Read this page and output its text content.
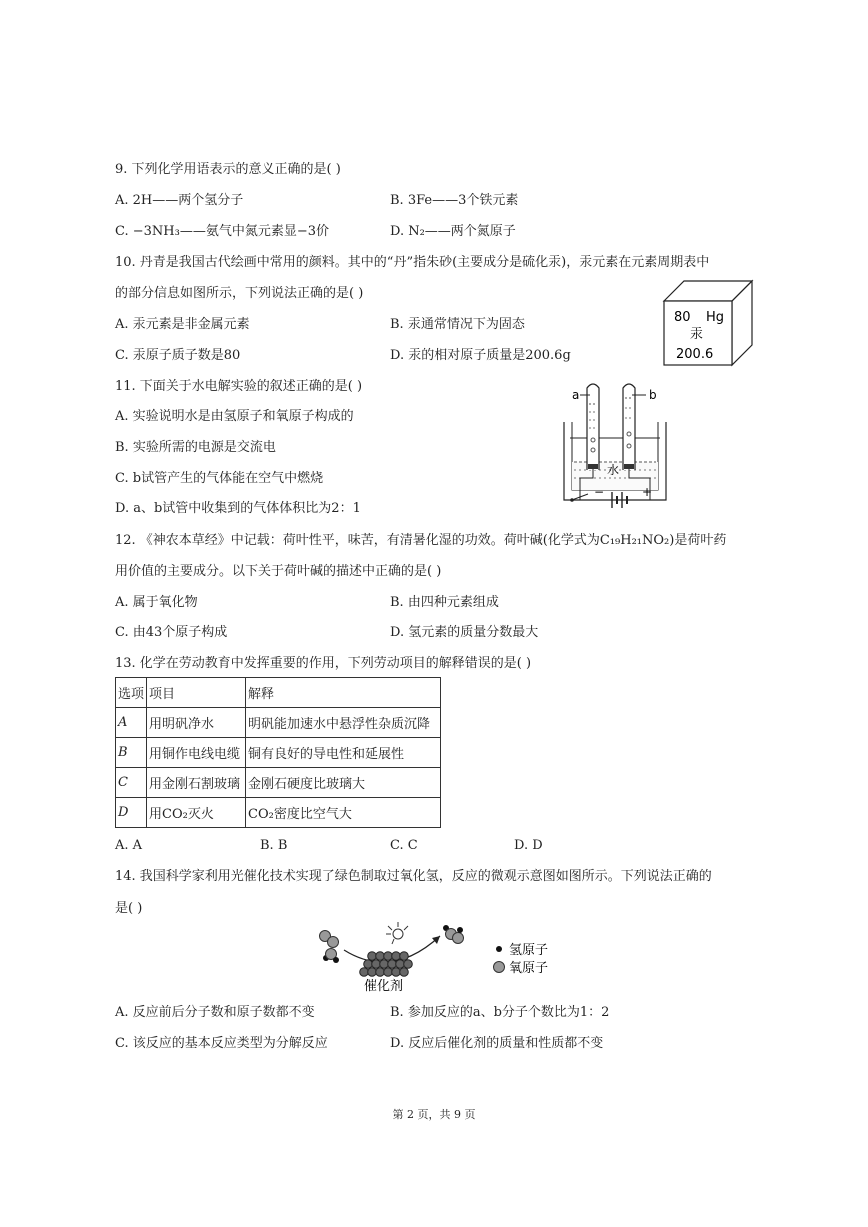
9. 下列化学用语表示的意义正确的是( )
A. 2H——两个氢分子	B. 3Fe——3个铁元素
C. −3NH₃——氨气中氮元素显−3价	D. N₂——两个氮原子
10. 丹青是我国古代绘画中常用的颜料。其中的“丹”指朱砂(主要成分是硫化汞)，汞元素在元素周期表中
的部分信息如图所示，下列说法正确的是( )
A. 汞元素是非金属元素	B. 汞通常情况下为固态
C. 汞原子质子数是80	D. 汞的相对原子质量是200.6g
80 Hg
汞
200.6
11. 下面关于水电解实验的叙述正确的是( )
A. 实验说明水是由氢原子和氧原子构成的
B. 实验所需的电源是交流电
C. b试管产生的气体能在空气中燃烧
D. a、b试管中收集到的气体体积比为2：1
a	b
水
−	+
12. 《神农本草经》中记载：荷叶性平，味苦，有清暑化湿的功效。荷叶碱(化学式为C₁₉H₂₁NO₂)是荷叶药
用价值的主要成分。以下关于荷叶碱的描述中正确的是( )
A. 属于氧化物	B. 由四种元素组成
C. 由43个原子构成	D. 氢元素的质量分数最大
13. 化学在劳动教育中发挥重要的作用，下列劳动项目的解释错误的是( )
选项	项目	解释
A	用明矾净水	明矾能加速水中悬浮性杂质沉降
B	用铜作电线电缆	铜有良好的导电性和延展性
C	用金刚石割玻璃	金刚石硬度比玻璃大
D	用CO₂灭火	CO₂密度比空气大
A. A	B. B	C. C	D. D
14. 我国科学家利用光催化技术实现了绿色制取过氧化氢，反应的微观示意图如图所示。下列说法正确的
是( )
催化剂
氢原子
氧原子
A. 反应前后分子数和原子数都不变	B. 参加反应的a、b分子个数比为1：2
C. 该反应的基本反应类型为分解反应	D. 反应后催化剂的质量和性质都不变
第 2 页，共 9 页
